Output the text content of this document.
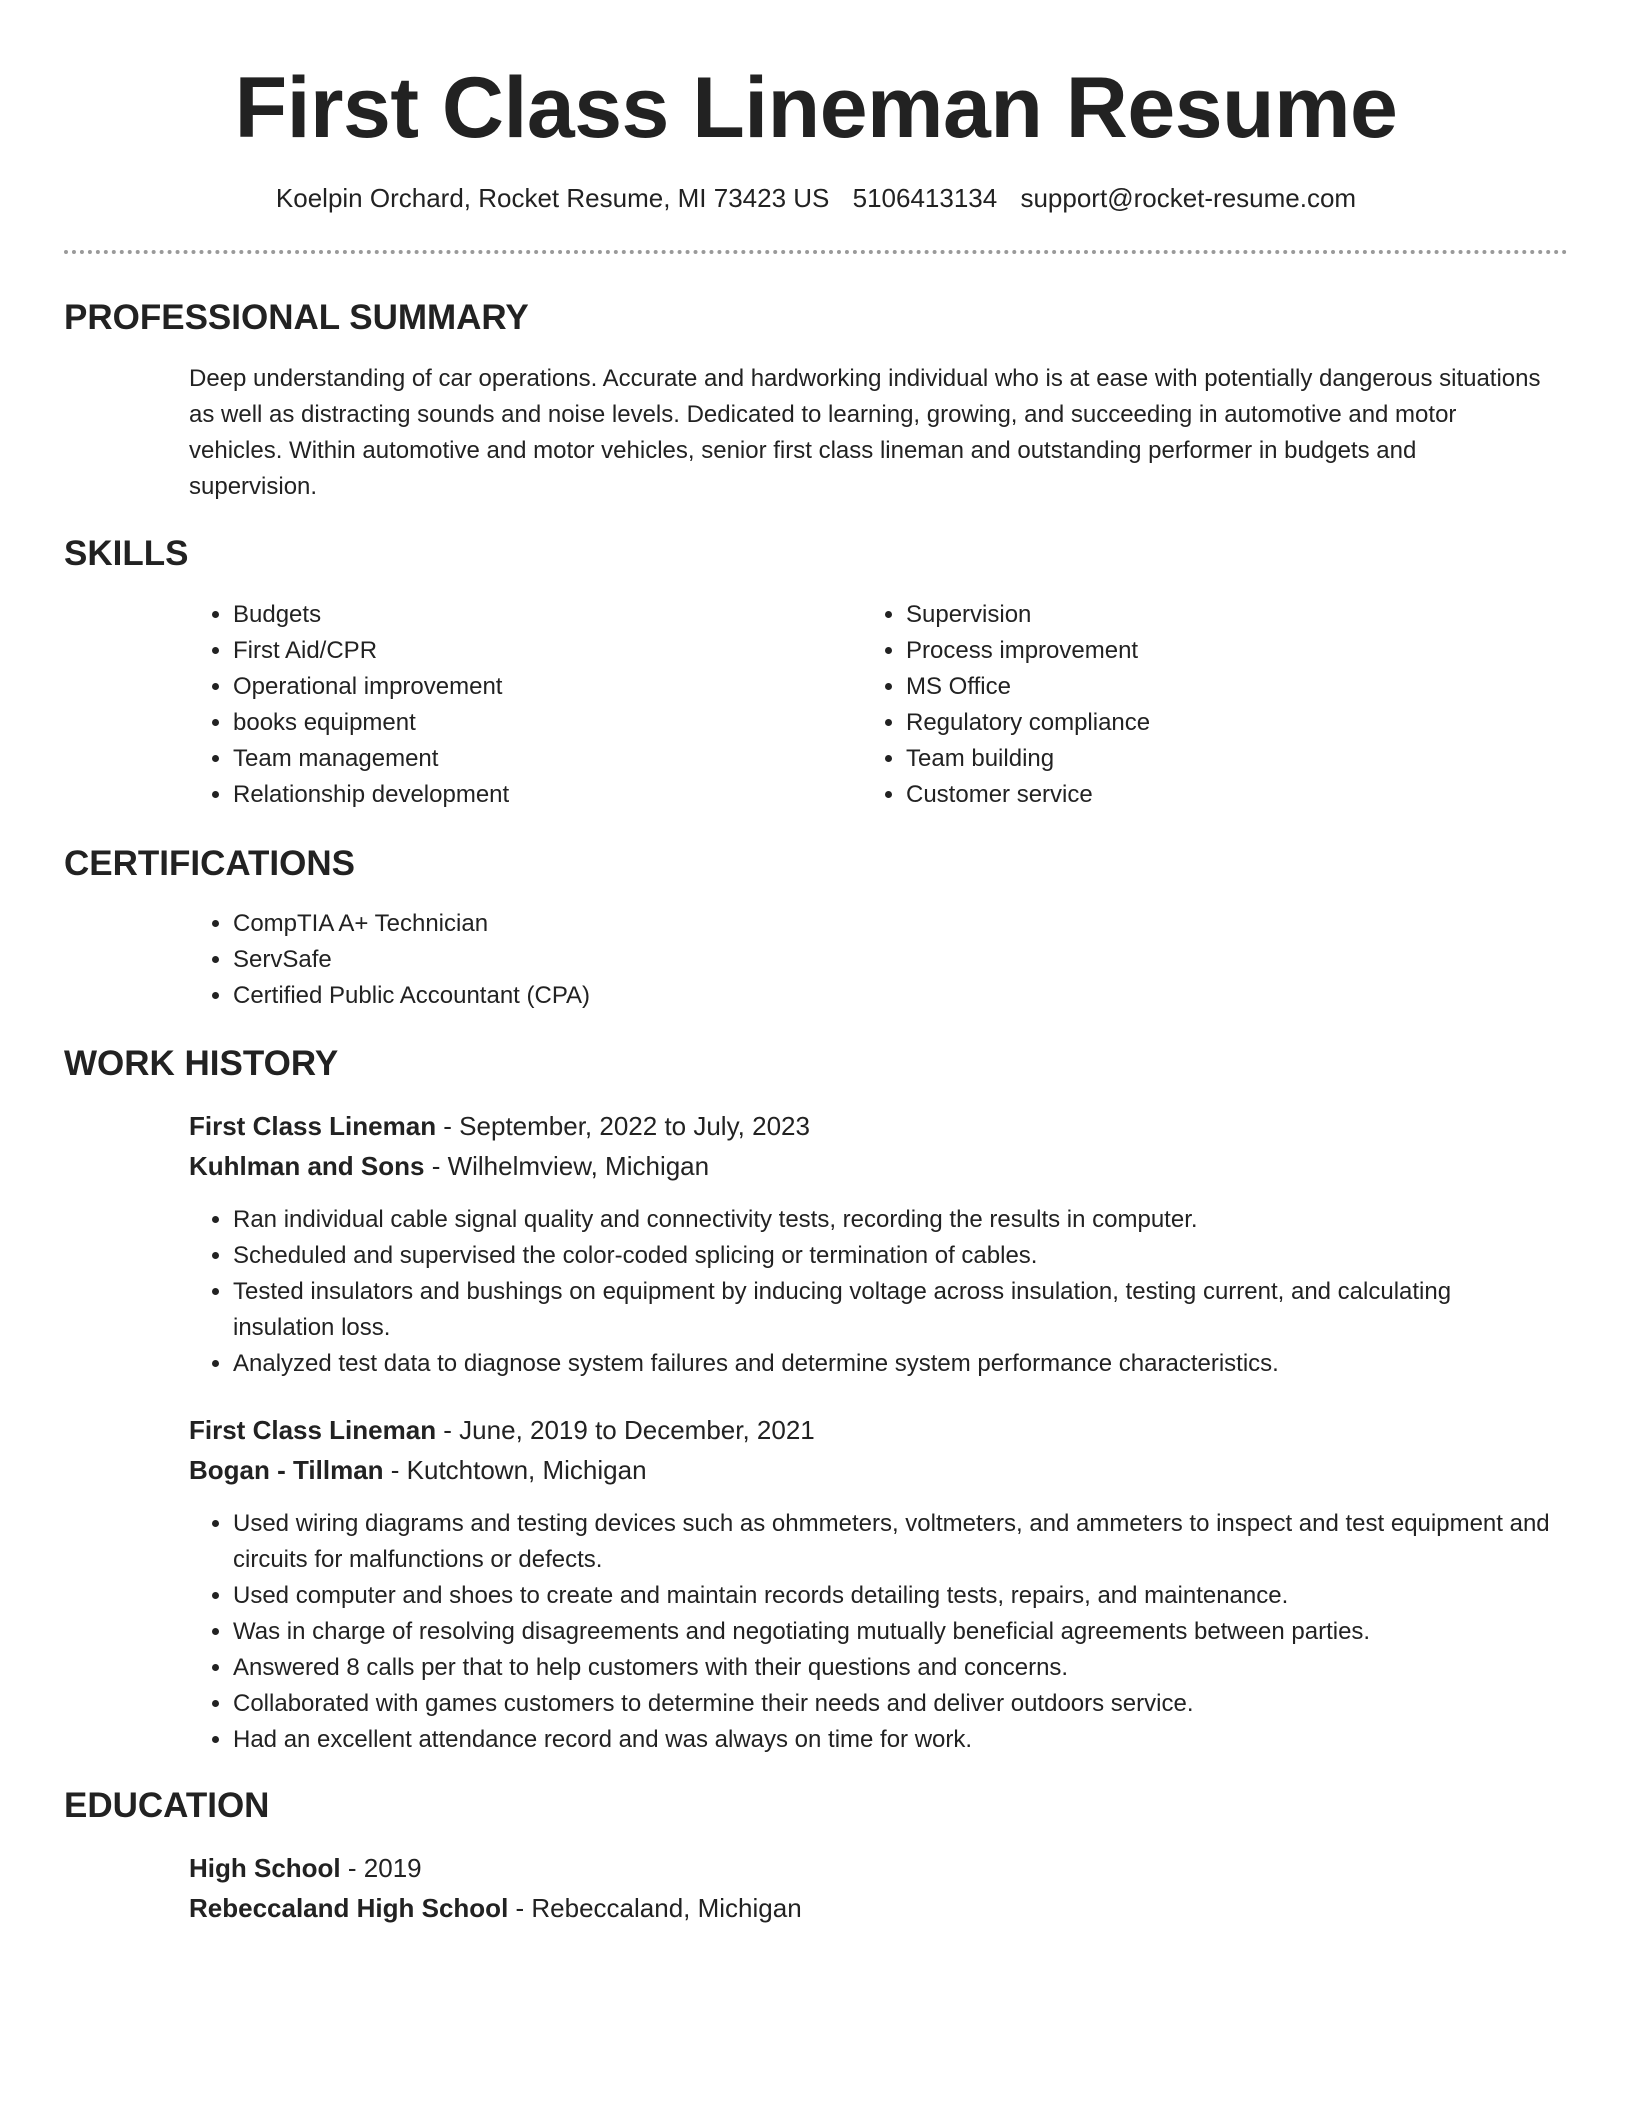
First Class Lineman Resume
Koelpin Orchard, Rocket Resume, MI 73423 US 5106413134 support@rocket-resume.com
PROFESSIONAL SUMMARY

Deep understanding of car operations. Accurate and hardworking individual who is at ease with potentially dangerous situations as well as distracting sounds and noise levels. Dedicated to learning, growing, and succeeding in automotive and motor vehicles. Within automotive and motor vehicles, senior first class lineman and outstanding performer in budgets and supervision.

SKILLS
• Budgets
• First Aid/CPR
• Operational improvement
• books equipment
• Team management
• Relationship development
• Supervision
• Process improvement
• MS Office
• Regulatory compliance
• Team building
• Customer service
CERTIFICATIONS
• CompTIA A+ Technician
• ServSafe
• Certified Public Accountant (CPA)
WORK HISTORY
First Class Lineman - September, 2022 to July, 2023
Kuhlman and Sons - Wilhelmview, Michigan
• Ran individual cable signal quality and connectivity tests, recording the results in computer.
• Scheduled and supervised the color-coded splicing or termination of cables.
• Tested insulators and bushings on equipment by inducing voltage across insulation, testing current, and calculating insulation loss.
• Analyzed test data to diagnose system failures and determine system performance characteristics.
First Class Lineman - June, 2019 to December, 2021
Bogan - Tillman - Kutchtown, Michigan
• Used wiring diagrams and testing devices such as ohmmeters, voltmeters, and ammeters to inspect and test equipment and circuits for malfunctions or defects.
• Used computer and shoes to create and maintain records detailing tests, repairs, and maintenance.
• Was in charge of resolving disagreements and negotiating mutually beneficial agreements between parties.
• Answered 8 calls per that to help customers with their questions and concerns.
• Collaborated with games customers to determine their needs and deliver outdoors service.
• Had an excellent attendance record and was always on time for work.
EDUCATION
High School - 2019
Rebeccaland High School - Rebeccaland, Michigan
